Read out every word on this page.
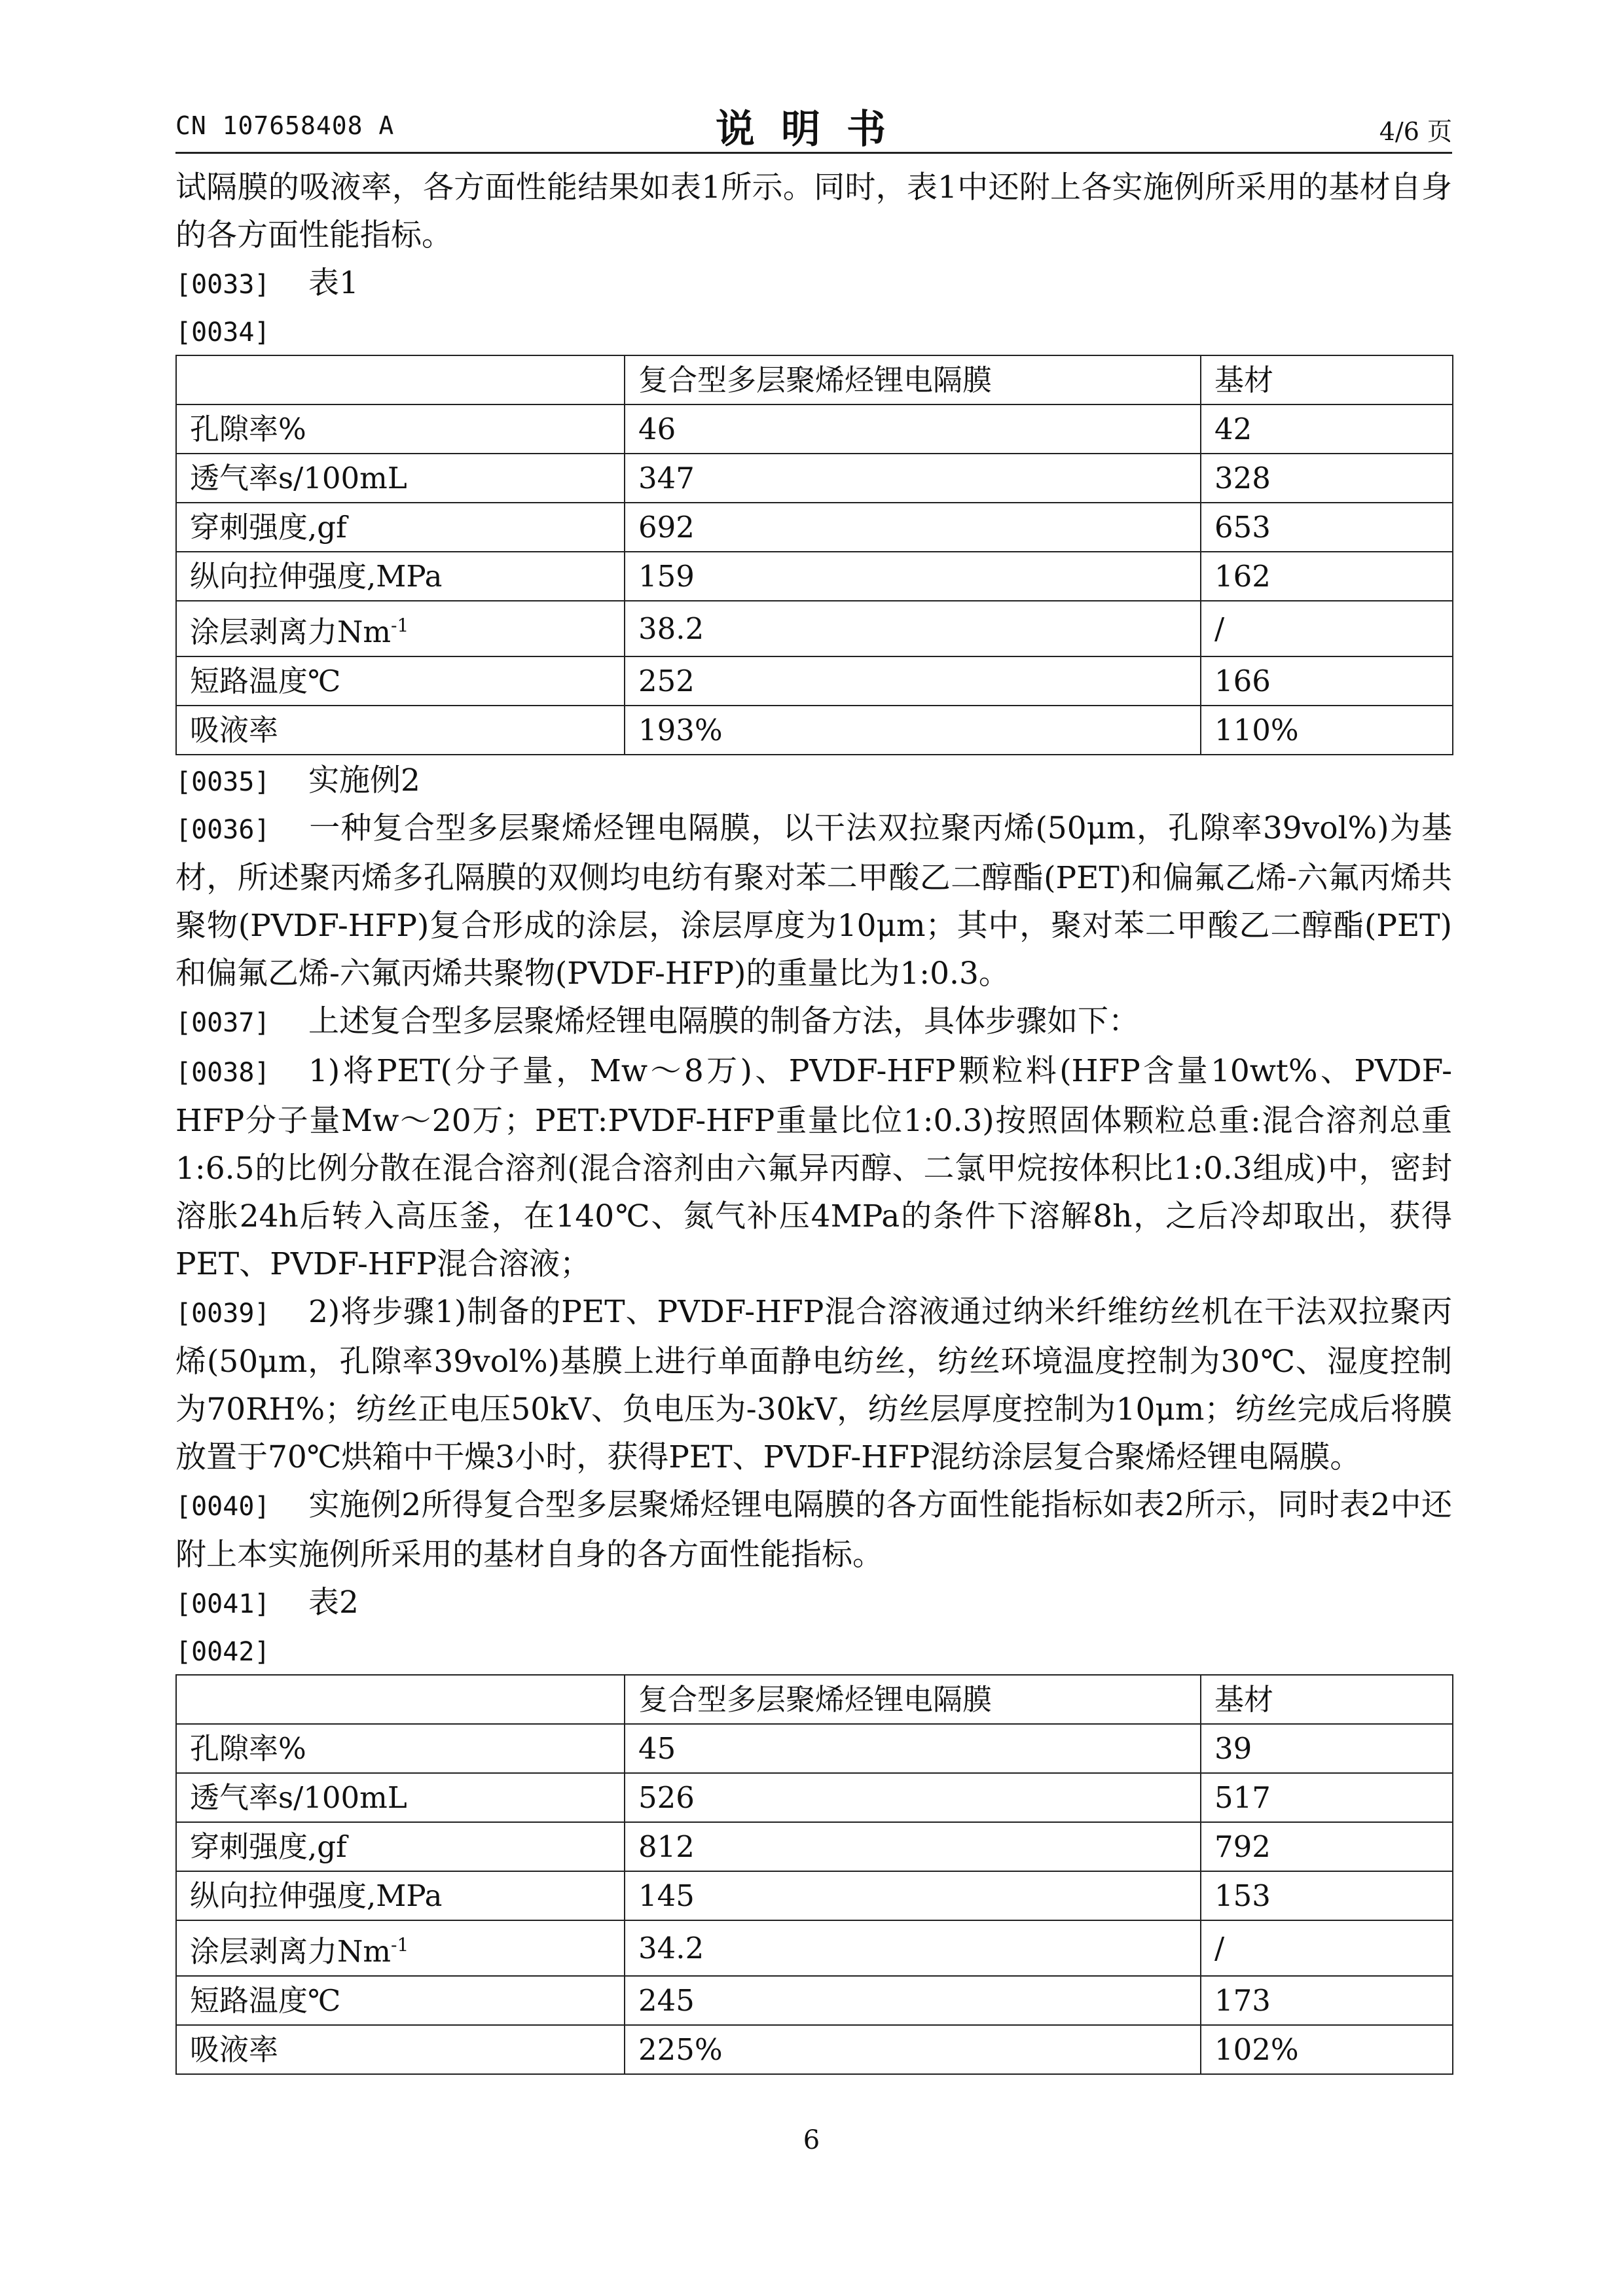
CN 107658408 A	说明书	4/6 页

试隔膜的吸液率，各方面性能结果如表1所示。同时，表1中还附上各实施例所采用的基材自身的各方面性能指标。

[0033] 表1
[0034]
	复合型多层聚烯烃锂电隔膜	基材
孔隙率%	46	42
透气率s/100mL	347	328
穿刺强度,gf	692	653
纵向拉伸强度,MPa	159	162
涂层剥离力$Nm^{-1}$	38.2	/
短路温度℃	252	166
吸液率	193%	110%
[0035] 实施例2

[0036] 一种复合型多层聚烯烃锂电隔膜，以干法双拉聚丙烯(50μm，孔隙率39vol%)为基材，所述聚丙烯多孔隔膜的双侧均电纺有聚对苯二甲酸乙二醇酯(PET)和偏氟乙烯-六氟丙烯共聚物(PVDF-HFP)复合形成的涂层，涂层厚度为10μm；其中，聚对苯二甲酸乙二醇酯(PET)和偏氟乙烯-六氟丙烯共聚物(PVDF-HFP)的重量比为1:0.3。

[0037] 上述复合型多层聚烯烃锂电隔膜的制备方法，具体步骤如下：

[0038] 1)将PET(分子量，Mw～8万)、PVDF-HFP颗粒料(HFP含量10wt%、PVDF-HFP分子量Mw～20万；PET:PVDF-HFP重量比位1:0.3)按照固体颗粒总重:混合溶剂总重1:6.5的比例分散在混合溶剂(混合溶剂由六氟异丙醇、二氯甲烷按体积比1:0.3组成)中，密封溶胀24h后转入高压釜，在140℃、氮气补压4MPa的条件下溶解8h，之后冷却取出，获得PET、PVDF-HFP混合溶液；

[0039] 2)将步骤1)制备的PET、PVDF-HFP混合溶液通过纳米纤维纺丝机在干法双拉聚丙烯(50μm，孔隙率39vol%)基膜上进行单面静电纺丝，纺丝环境温度控制为30℃、湿度控制为70RH%；纺丝正电压50kV、负电压为-30kV，纺丝层厚度控制为10μm；纺丝完成后将膜放置于70℃烘箱中干燥3小时，获得PET、PVDF-HFP混纺涂层复合聚烯烃锂电隔膜。

[0040] 实施例2所得复合型多层聚烯烃锂电隔膜的各方面性能指标如表2所示，同时表2中还附上本实施例所采用的基材自身的各方面性能指标。

[0041] 表2
[0042]
	复合型多层聚烯烃锂电隔膜	基材
孔隙率%	45	39
透气率s/100mL	526	517
穿刺强度,gf	812	792
纵向拉伸强度,MPa	145	153
涂层剥离力$Nm^{-1}$	34.2	/
短路温度℃	245	173
吸液率	225%	102%
6
